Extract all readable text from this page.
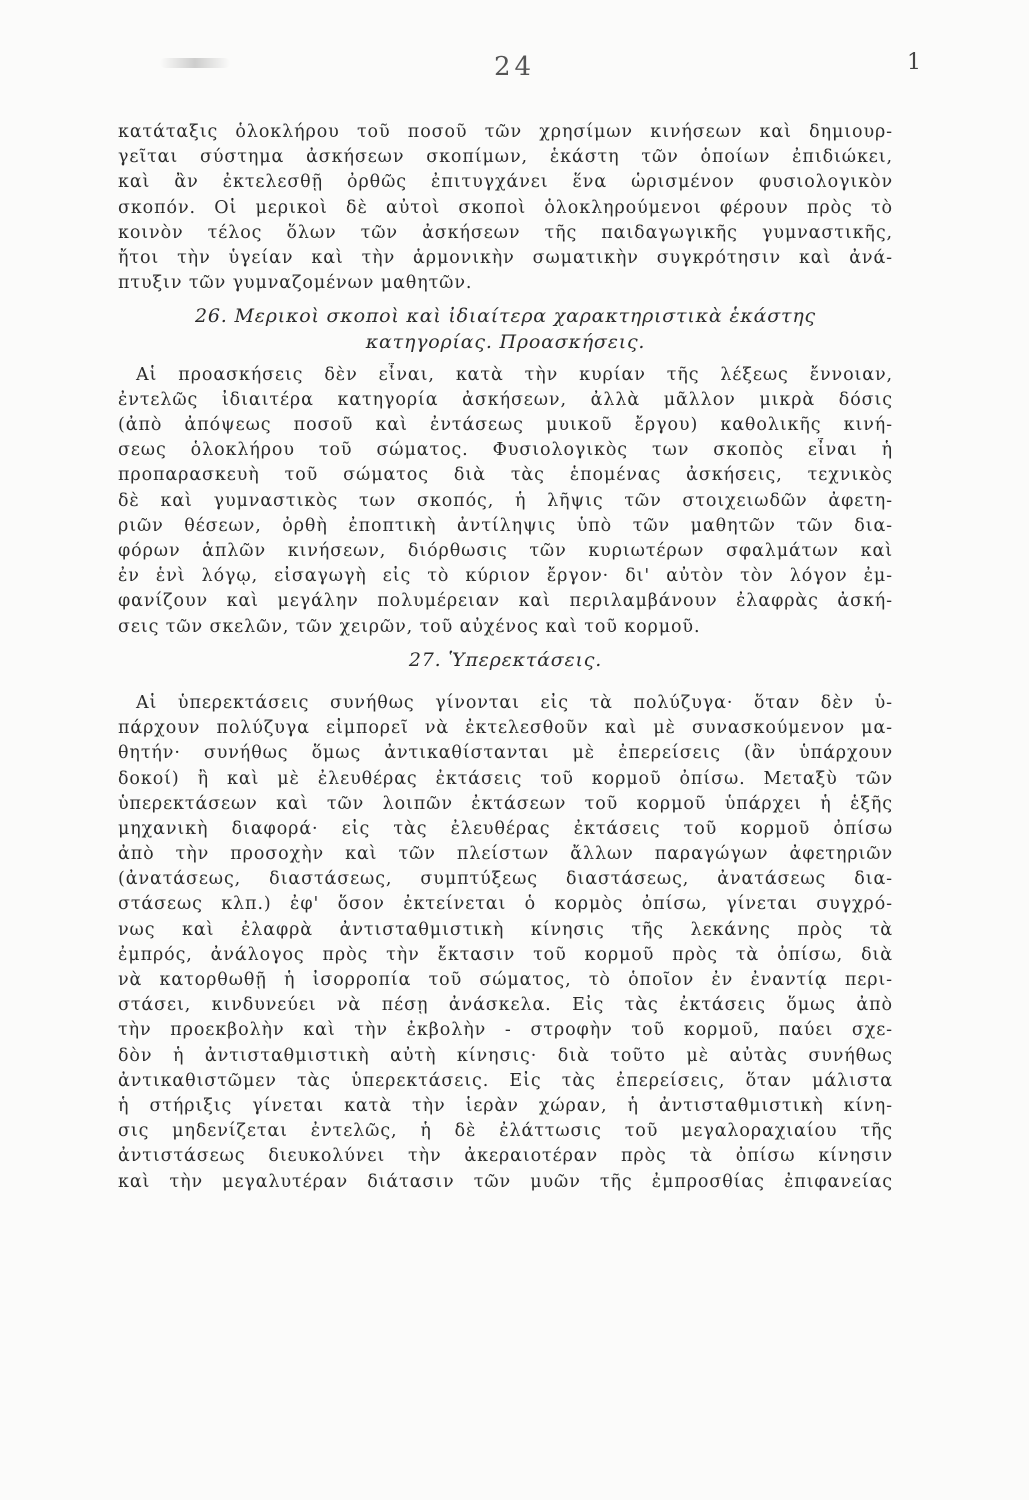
24	1
κατάταξις ὁλοκλήρου τοῦ ποσοῦ τῶν χρησίμων κινήσεων καὶ δημιουρ-
γεῖται σύστημα ἀσκήσεων σκοπίμων, ἑκάστη τῶν ὁποίων ἐπιδιώκει,
καὶ ἂν ἐκτελεσθῇ ὀρθῶς ἐπιτυγχάνει ἕνα ὡρισμένον φυσιολογικὸν
σκοπόν. Οἱ μερικοὶ δὲ αὐτοὶ σκοποὶ ὁλοκληρούμενοι φέρουν πρὸς τὸ
κοινὸν τέλος ὅλων τῶν ἀσκήσεων τῆς παιδαγωγικῆς γυμναστικῆς,
ἤτοι τὴν ὑγείαν καὶ τὴν ἁρμονικὴν σωματικὴν συγκρότησιν καὶ ἀνά-
πτυξιν τῶν γυμναζομένων μαθητῶν.
26. Μερικοὶ σκοποὶ καὶ ἰδιαίτερα χαρακτηριστικὰ ἑκάστης
κατηγορίας. Προασκήσεις.
Αἱ προασκήσεις δὲν εἶναι, κατὰ τὴν κυρίαν τῆς λέξεως ἔννοιαν,
ἐντελῶς ἰδιαιτέρα κατηγορία ἀσκήσεων, ἀλλὰ μᾶλλον μικρὰ δόσις
(ἀπὸ ἀπόψεως ποσοῦ καὶ ἐντάσεως μυικοῦ ἔργου) καθολικῆς κινή-
σεως ὁλοκλήρου τοῦ σώματος. Φυσιολογικὸς των σκοπὸς εἶναι ἡ
προπαρασκευὴ τοῦ σώματος διὰ τὰς ἑπομένας ἀσκήσεις, τεχνικὸς
δὲ καὶ γυμναστικὸς των σκοπός, ἡ λῆψις τῶν στοιχειωδῶν ἀφετη-
ριῶν θέσεων, ὀρθὴ ἐποπτικὴ ἀντίληψις ὑπὸ τῶν μαθητῶν τῶν δια-
φόρων ἁπλῶν κινήσεων, διόρθωσις τῶν κυριωτέρων σφαλμάτων καὶ
ἐν ἑνὶ λόγῳ, εἰσαγωγὴ εἰς τὸ κύριον ἔργον· δι' αὐτὸν τὸν λόγον ἐμ-
φανίζουν καὶ μεγάλην πολυμέρειαν καὶ περιλαμβάνουν ἐλαφρὰς ἀσκή-
σεις τῶν σκελῶν, τῶν χειρῶν, τοῦ αὐχένος καὶ τοῦ κορμοῦ.
27. Ὑπερεκτάσεις.
Αἱ ὑπερεκτάσεις συνήθως γίνονται εἰς τὰ πολύζυγα· ὅταν δὲν ὑ-
πάρχουν πολύζυγα εἰμπορεῖ νὰ ἐκτελεσθοῦν καὶ μὲ συνασκούμενον μα-
θητήν· συνήθως ὅμως ἀντικαθίστανται μὲ ἐπερείσεις (ἂν ὑπάρχουν
δοκοί) ἢ καὶ μὲ ἐλευθέρας ἐκτάσεις τοῦ κορμοῦ ὀπίσω. Μεταξὺ τῶν
ὑπερεκτάσεων καὶ τῶν λοιπῶν ἐκτάσεων τοῦ κορμοῦ ὑπάρχει ἡ ἑξῆς
μηχανικὴ διαφορά· εἰς τὰς ἐλευθέρας ἐκτάσεις τοῦ κορμοῦ ὀπίσω
ἀπὸ τὴν προσοχὴν καὶ τῶν πλείστων ἄλλων παραγώγων ἀφετηριῶν
(ἀνατάσεως, διαστάσεως, συμπτύξεως διαστάσεως, ἀνατάσεως δια-
στάσεως κλπ.) ἐφ' ὅσον ἐκτείνεται ὁ κορμὸς ὀπίσω, γίνεται συγχρό-
νως καὶ ἐλαφρὰ ἀντισταθμιστικὴ κίνησις τῆς λεκάνης πρὸς τὰ
ἐμπρός, ἀνάλογος πρὸς τὴν ἔκτασιν τοῦ κορμοῦ πρὸς τὰ ὀπίσω, διὰ
νὰ κατορθωθῇ ἡ ἰσορροπία τοῦ σώματος, τὸ ὁποῖον ἐν ἐναντίᾳ περι-
στάσει, κινδυνεύει νὰ πέσῃ ἀνάσκελα. Εἰς τὰς ἐκτάσεις ὅμως ἀπὸ
τὴν προεκβολὴν καὶ τὴν ἐκβολὴν - στροφὴν τοῦ κορμοῦ, παύει σχε-
δὸν ἡ ἀντισταθμιστικὴ αὐτὴ κίνησις· διὰ τοῦτο μὲ αὐτὰς συνήθως
ἀντικαθιστῶμεν τὰς ὑπερεκτάσεις. Εἰς τὰς ἐπερείσεις, ὅταν μάλιστα
ἡ στήριξις γίνεται κατὰ τὴν ἱερὰν χώραν, ἡ ἀντισταθμιστικὴ κίνη-
σις μηδενίζεται ἐντελῶς, ἡ δὲ ἐλάττωσις τοῦ μεγαλοραχιαίου τῆς
ἀντιστάσεως διευκολύνει τὴν ἀκεραιοτέραν πρὸς τὰ ὀπίσω κίνησιν
καὶ τὴν μεγαλυτέραν διάτασιν τῶν μυῶν τῆς ἐμπροσθίας ἐπιφανείας
